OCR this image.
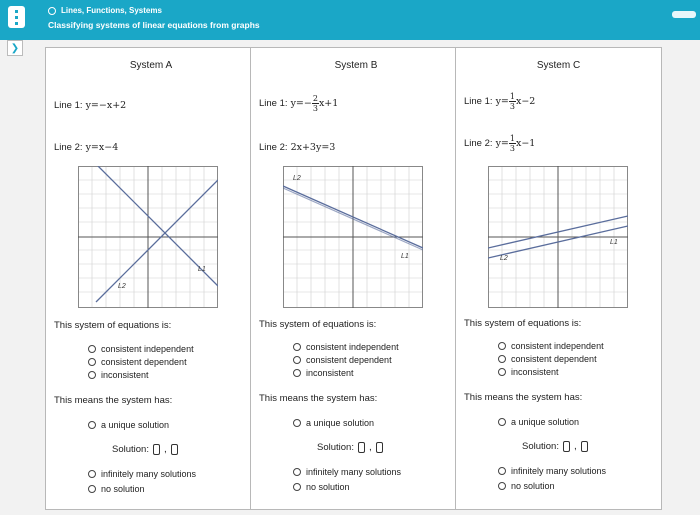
Lines, Functions, Systems
Classifying systems of linear equations from graphs
❯
System A
Line 1: y=−x+2
Line 2: y=x−4
L1
L2
This system of equations is:
consistent independent
consistent dependent
inconsistent
This means the system has:
a unique solution
Solution: ,
infinitely many solutions
no solution
System B
Line 1: $y=- \frac{2}{3} x+1$
Line 2: 2x+3y=3
L2
L1
This system of equations is:
consistent independent
consistent dependent
inconsistent
This means the system has:
a unique solution
Solution: ,
infinitely many solutions
no solution
System C
Line 1: $y= \frac{1}{3} x-2$
Line 2: $y= \frac{1}{3} x-1$
L2
L1
This system of equations is:
consistent independent
consistent dependent
inconsistent
This means the system has:
a unique solution
Solution: ,
infinitely many solutions
no solution
